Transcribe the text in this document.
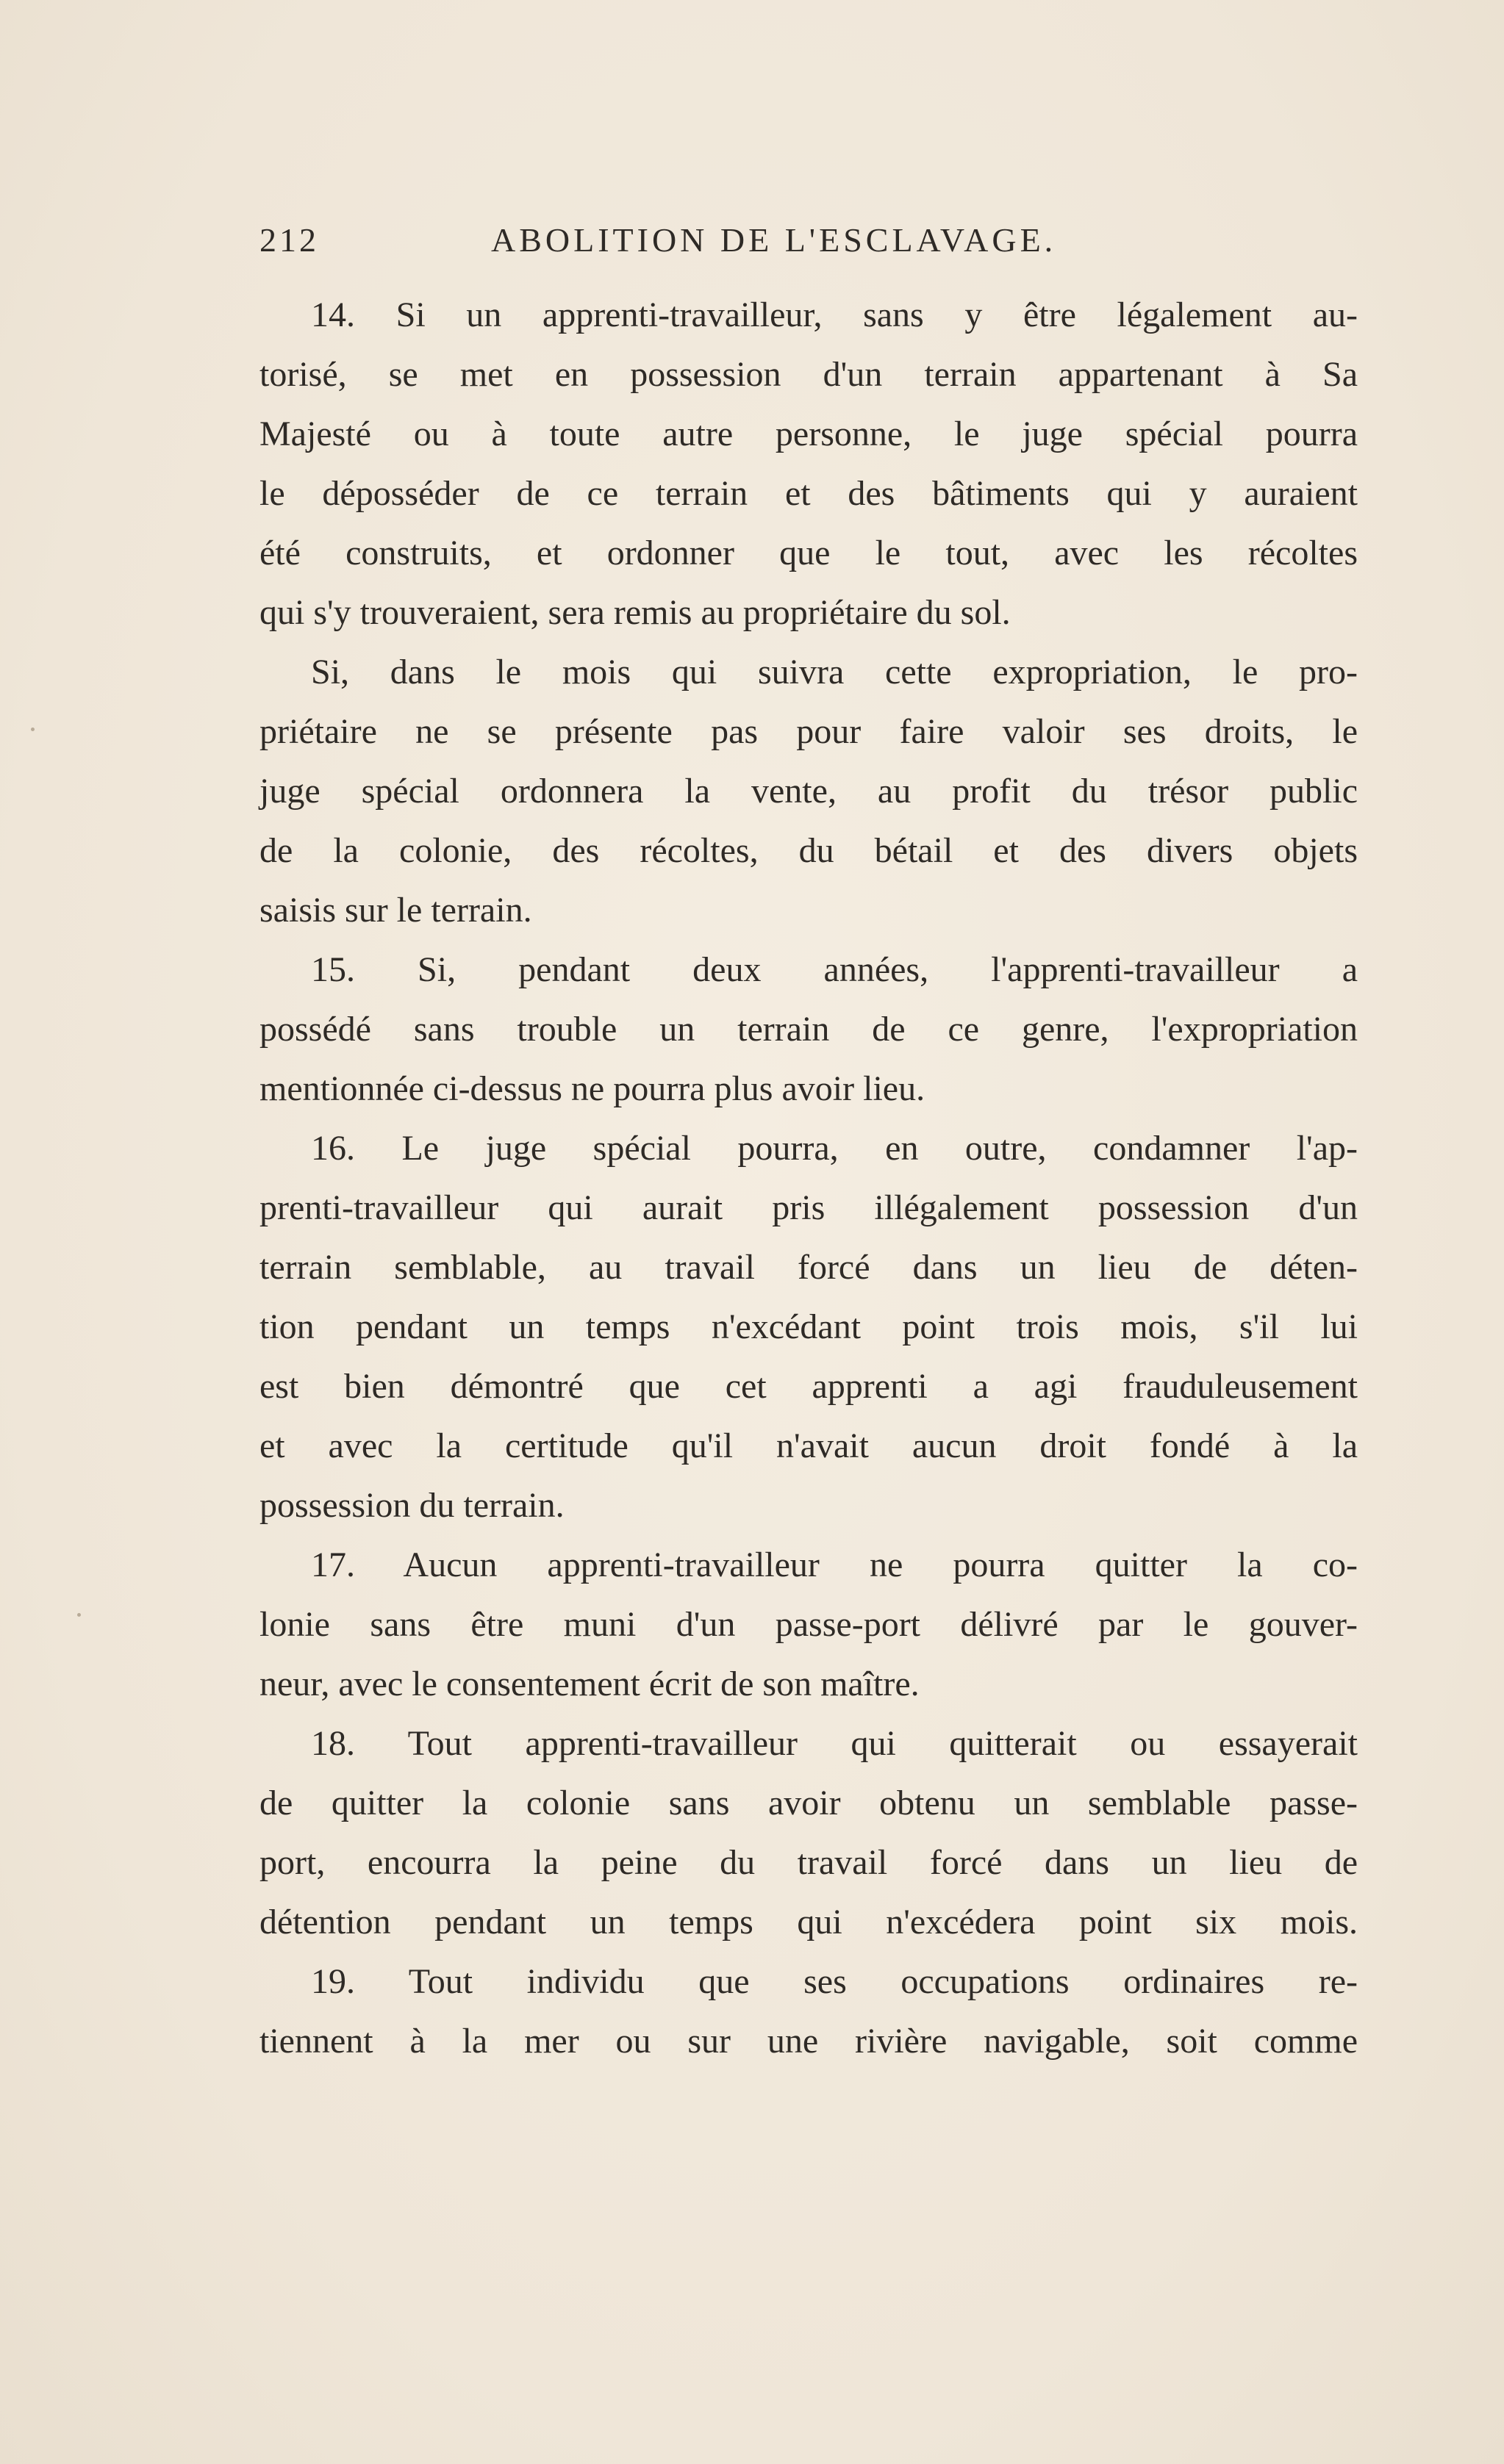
212	ABOLITION DE L'ESCLAVAGE.
14. Si un apprenti-travailleur, sans y être légalement au-
torisé, se met en possession d'un terrain appartenant à Sa
Majesté ou à toute autre personne, le juge spécial pourra
le déposséder de ce terrain et des bâtiments qui y auraient
été construits, et ordonner que le tout, avec les récoltes
qui s'y trouveraient, sera remis au propriétaire du sol.
Si, dans le mois qui suivra cette expropriation, le pro-
priétaire ne se présente pas pour faire valoir ses droits, le
juge spécial ordonnera la vente, au profit du trésor public
de la colonie, des récoltes, du bétail et des divers objets
saisis sur le terrain.
15. Si, pendant deux années, l'apprenti-travailleur a
possédé sans trouble un terrain de ce genre, l'expropriation
mentionnée ci-dessus ne pourra plus avoir lieu.
16. Le juge spécial pourra, en outre, condamner l'ap-
prenti-travailleur qui aurait pris illégalement possession d'un
terrain semblable, au travail forcé dans un lieu de déten-
tion pendant un temps n'excédant point trois mois, s'il lui
est bien démontré que cet apprenti a agi frauduleusement
et avec la certitude qu'il n'avait aucun droit fondé à la
possession du terrain.
17. Aucun apprenti-travailleur ne pourra quitter la co-
lonie sans être muni d'un passe-port délivré par le gouver-
neur, avec le consentement écrit de son maître.
18. Tout apprenti-travailleur qui quitterait ou essayerait
de quitter la colonie sans avoir obtenu un semblable passe-
port, encourra la peine du travail forcé dans un lieu de
détention pendant un temps qui n'excédera point six mois.
19. Tout individu que ses occupations ordinaires re-
tiennent à la mer ou sur une rivière navigable, soit comme
